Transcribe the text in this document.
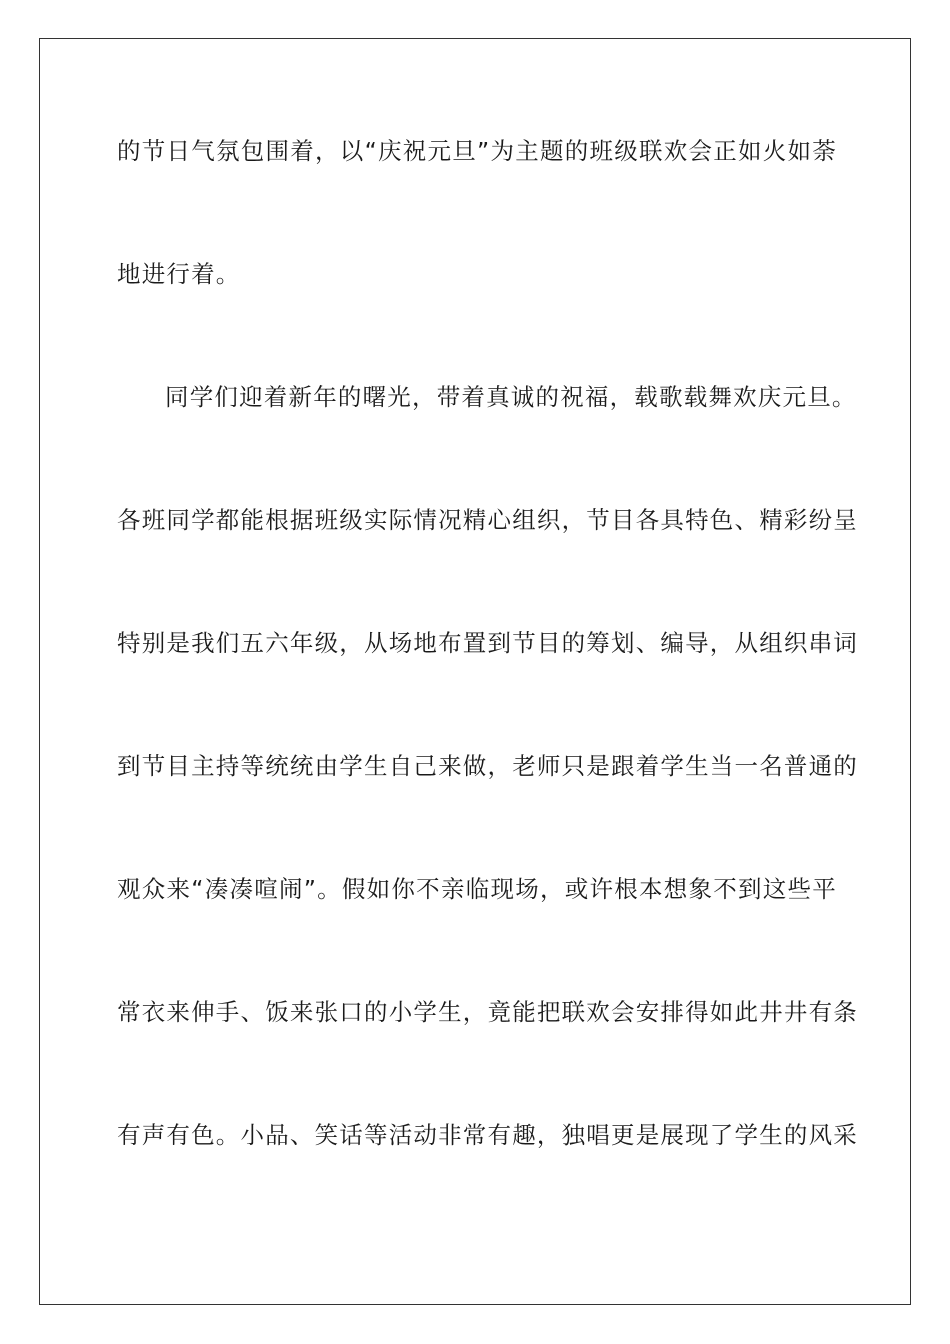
的节日气氛包围着，以“庆祝元旦”为主题的班级联欢会正如火如荼
地进行着。
同学们迎着新年的曙光，带着真诚的祝福，载歌载舞欢庆元旦。
各班同学都能根据班级实际情况精心组织，节目各具特色、精彩纷呈
特别是我们五六年级，从场地布置到节目的筹划、编导，从组织串词
到节目主持等统统由学生自己来做，老师只是跟着学生当一名普通的
观众来“凑凑喧闹”。假如你不亲临现场，或许根本想象不到这些平
常衣来伸手、饭来张口的小学生，竟能把联欢会安排得如此井井有条
有声有色。小品、笑话等活动非常有趣，独唱更是展现了学生的风采
